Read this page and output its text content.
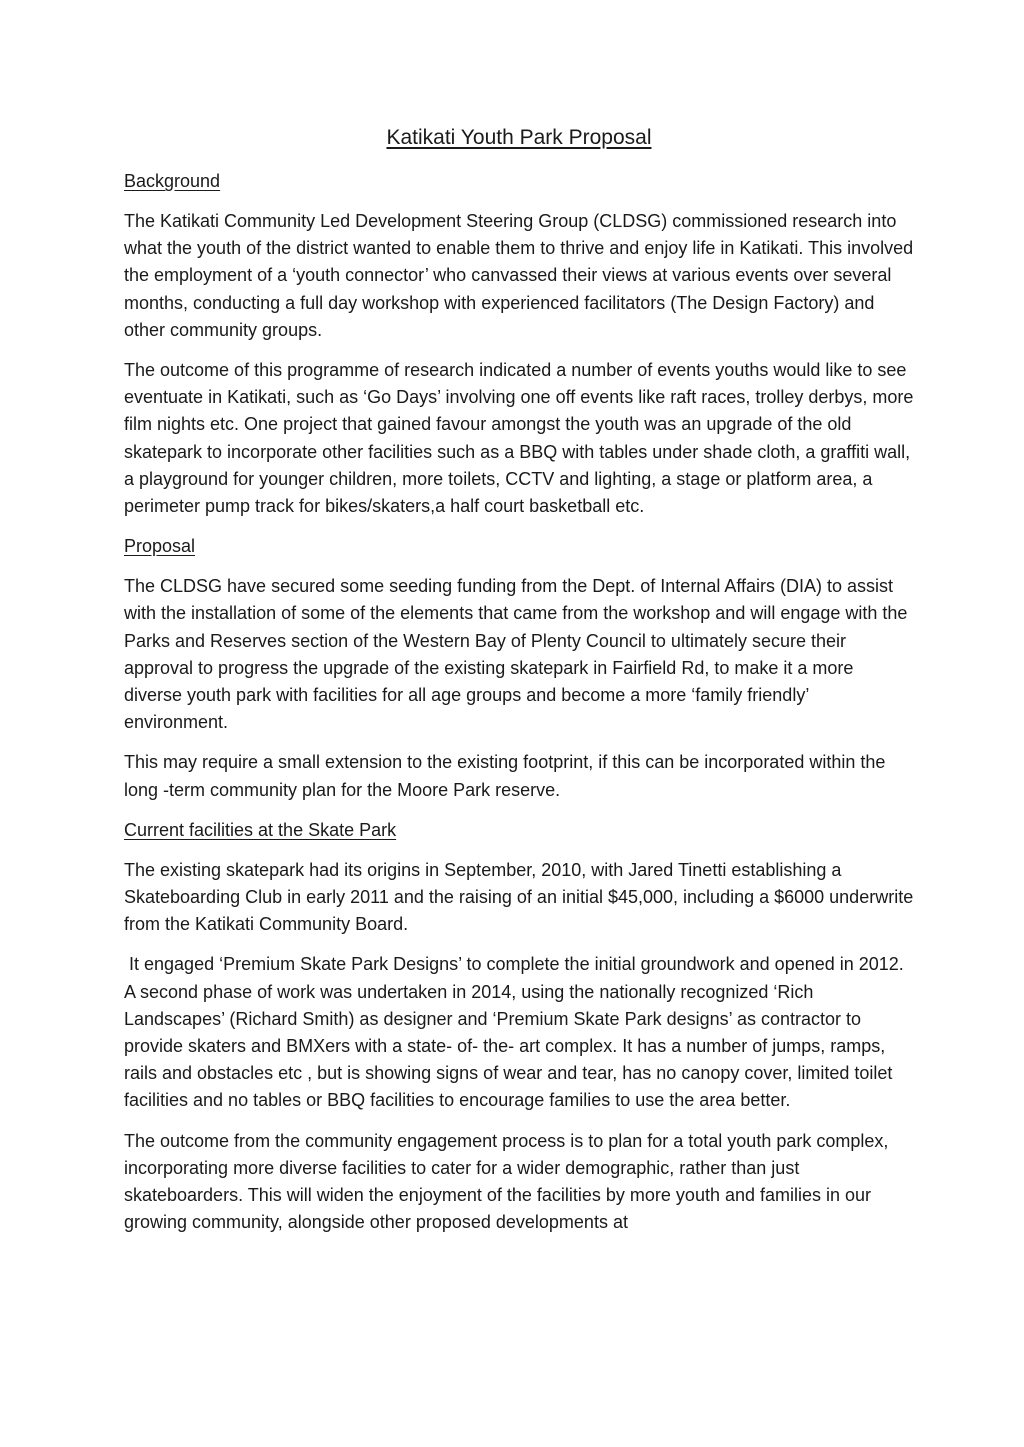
Katikati Youth Park Proposal
Background

The Katikati Community Led Development Steering Group (CLDSG) commissioned research into what the youth of the district wanted to enable them to thrive and enjoy life in Katikati. This involved the employment of a ‘youth connector’ who canvassed their views at various events over several months, conducting a full day workshop with experienced facilitators (The Design Factory) and other community groups.

The outcome of this programme of research indicated a number of events youths would like to see eventuate in Katikati, such as ‘Go Days’ involving one off events like raft races, trolley derbys, more film nights etc. One project that gained favour amongst the youth was an upgrade of the old skatepark to incorporate other facilities such as a BBQ with tables under shade cloth, a graffiti wall, a playground for younger children, more toilets, CCTV and lighting, a stage or platform area, a perimeter pump track for bikes/skaters,a half court basketball etc.

Proposal

The CLDSG have secured some seeding funding from the Dept. of Internal Affairs (DIA) to assist with the installation of some of the elements that came from the workshop and will engage with the Parks and Reserves section of the Western Bay of Plenty Council to ultimately secure their approval to progress the upgrade of the existing skatepark in Fairfield Rd, to make it a more diverse youth park with facilities for all age groups and become a more ‘family friendly’ environment.

This may require a small extension to the existing footprint, if this can be incorporated within the long -term community plan for the Moore Park reserve.

Current facilities at the Skate Park

The existing skatepark had its origins in September, 2010, with Jared Tinetti establishing a Skateboarding Club in early 2011 and the raising of an initial $45,000, including a $6000 underwrite from the Katikati Community Board.

It engaged ‘Premium Skate Park Designs’ to complete the initial groundwork and opened in 2012.  A second phase of work was undertaken in 2014, using the nationally recognized ‘Rich Landscapes’ (Richard Smith) as designer and ‘Premium Skate Park designs’ as contractor to provide skaters and BMXers with a state- of- the- art complex. It has a number of jumps, ramps, rails and obstacles etc , but is showing signs of wear and tear, has no canopy cover, limited toilet facilities and no tables or BBQ facilities to encourage families to use the area better.

The outcome from the community engagement process is to plan for a total youth park complex, incorporating more diverse facilities to cater for a wider demographic, rather than just skateboarders. This will widen the enjoyment of the facilities by more youth and families in our growing community, alongside other proposed developments at
